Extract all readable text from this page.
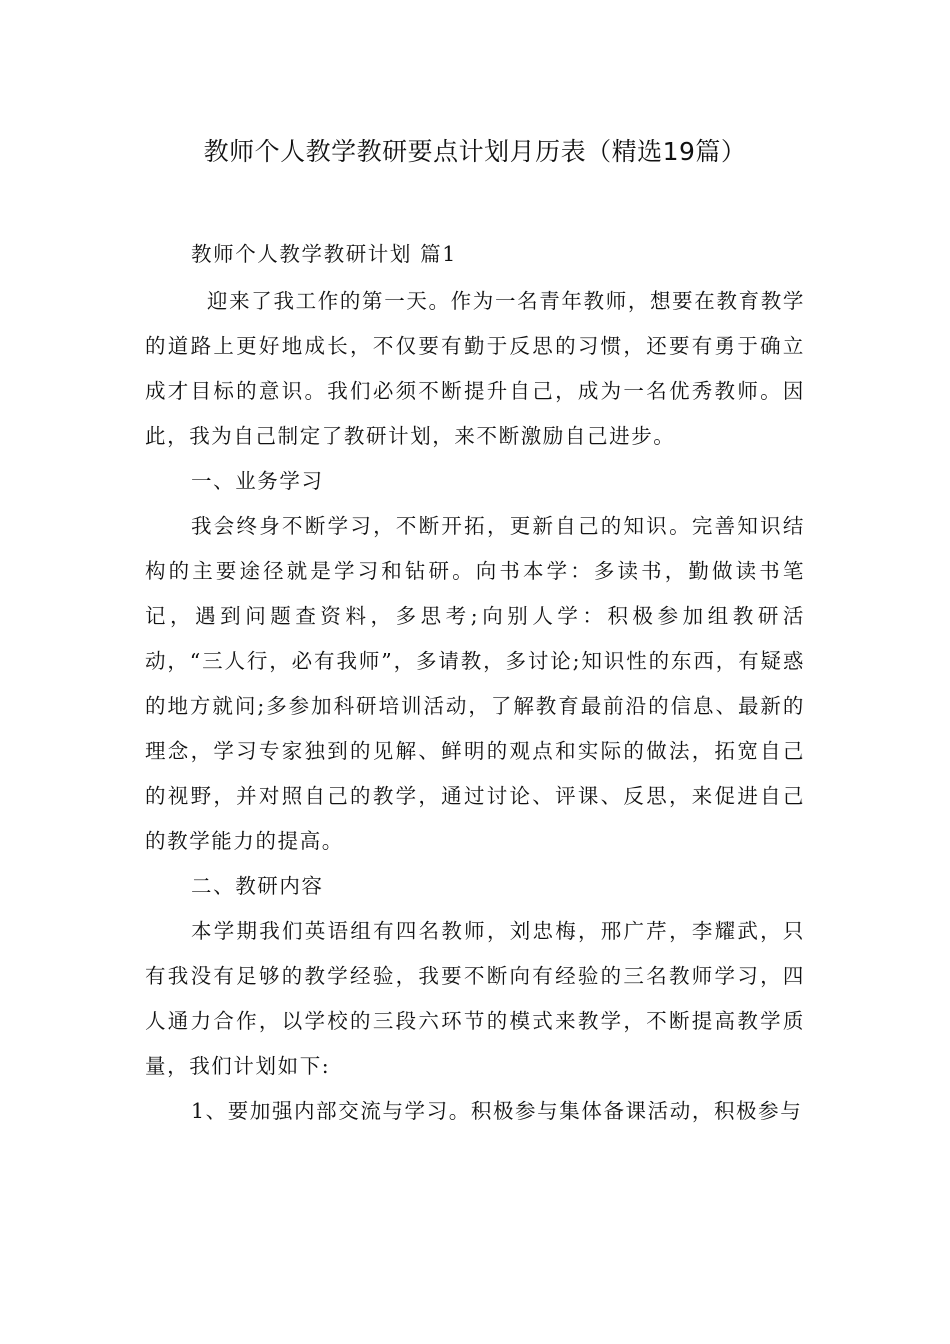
教师个人教学教研要点计划月历表（精选19篇）

教师个人教学教研计划 篇1

迎来了我工作的第一天。作为一名青年教师，想要在教育教学的道路上更好地成长，不仅要有勤于反思的习惯，还要有勇于确立成才目标的意识。我们必须不断提升自己，成为一名优秀教师。因此，我为自己制定了教研计划，来不断激励自己进步。

一、业务学习

我会终身不断学习，不断开拓，更新自己的知识。完善知识结构的主要途径就是学习和钻研。向书本学：多读书，勤做读书笔记，遇到问题查资料，多思考;向别人学：积极参加组教研活动，“三人行，必有我师”，多请教，多讨论;知识性的东西，有疑惑的地方就问;多参加科研培训活动，了解教育最前沿的信息、最新的理念，学习专家独到的见解、鲜明的观点和实际的做法，拓宽自己的视野，并对照自己的教学，通过讨论、评课、反思，来促进自己的教学能力的提高。

二、教研内容

本学期我们英语组有四名教师，刘忠梅，邢广芹，李耀武，只有我没有足够的教学经验，我要不断向有经验的三名教师学习，四人通力合作，以学校的三段六环节的模式来教学，不断提高教学质量，我们计划如下:

1、要加强内部交流与学习。积极参与集体备课活动，积极参与
